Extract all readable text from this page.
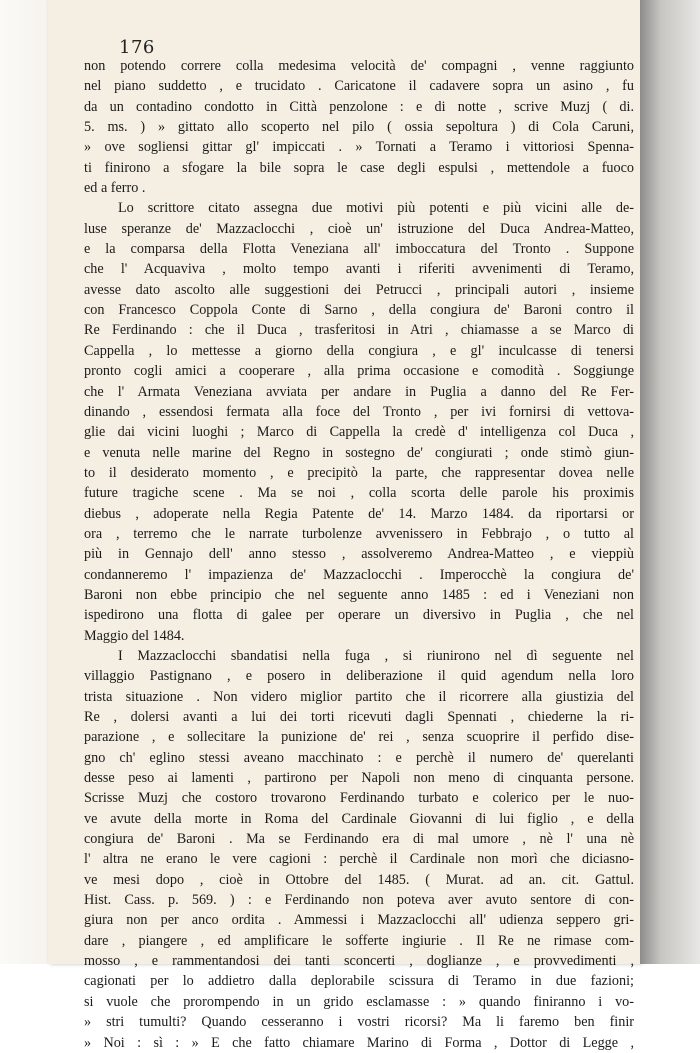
176
non potendo correre colla medesima velocità de' compagni , venne raggiunto
nel piano suddetto , e trucidato . Caricatone il cadavere sopra un asino , fu
da un contadino condotto in Città penzolone : e di notte , scrive Muzj ( di.
5. ms. ) » gittato allo scoperto nel pilo ( ossia sepoltura ) di Cola Caruni,
» ove sogliensi gittar gl' impiccati . » Tornati a Teramo i vittoriosi Spenna-
ti finirono a sfogare la bile sopra le case degli espulsi , mettendole a fuoco
ed a ferro .
Lo scrittore citato assegna due motivi più potenti e più vicini alle de-
luse speranze de' Mazzaclocchi , cioè un' istruzione del Duca Andrea-Matteo,
e la comparsa della Flotta Veneziana all' imboccatura del Tronto . Suppone
che l' Acquaviva , molto tempo avanti i riferiti avvenimenti di Teramo,
avesse dato ascolto alle suggestioni dei Petrucci , principali autori , insieme
con Francesco Coppola Conte di Sarno , della congiura de' Baroni contro il
Re Ferdinando : che il Duca , trasferitosi in Atri , chiamasse a se Marco di
Cappella , lo mettesse a giorno della congiura , e gl' inculcasse di tenersi
pronto cogli amici a cooperare , alla prima occasione e comodità . Soggiunge
che l' Armata Veneziana avviata per andare in Puglia a danno del Re Fer-
dinando , essendosi fermata alla foce del Tronto , per ivi fornirsi di vettova-
glie dai vicini luoghi ; Marco di Cappella la credè d' intelligenza col Duca ,
e venuta nelle marine del Regno in sostegno de' congiurati ; onde stimò giun-
to il desiderato momento , e precipitò la parte, che rappresentar dovea nelle
future tragiche scene . Ma se noi , colla scorta delle parole his proximis
diebus , adoperate nella Regia Patente de' 14. Marzo 1484. da riportarsi or
ora , terremo che le narrate turbolenze avvenissero in Febbrajo , o tutto al
più in Gennajo dell' anno stesso , assolveremo Andrea-Matteo , e vieppiù
condanneremo l' impazienza de' Mazzaclocchi . Imperocchè la congiura de'
Baroni non ebbe principio che nel seguente anno 1485 : ed i Veneziani non
ispedirono una flotta di galee per operare un diversivo in Puglia , che nel
Maggio del 1484.
I Mazzaclocchi sbandatisi nella fuga , si riunirono nel dì seguente nel
villaggio Pastignano , e posero in deliberazione il quid agendum nella loro
trista situazione . Non videro miglior partito che il ricorrere alla giustizia del
Re , dolersi avanti a lui dei torti ricevuti dagli Spennati , chiederne la ri-
parazione , e sollecitare la punizione de' rei , senza scuoprire il perfido dise-
gno ch' eglino stessi aveano macchinato : e perchè il numero de' querelanti
desse peso ai lamenti , partirono per Napoli non meno di cinquanta persone.
Scrisse Muzj che costoro trovarono Ferdinando turbato e colerico per le nuo-
ve avute della morte in Roma del Cardinale Giovanni di lui figlio , e della
congiura de' Baroni . Ma se Ferdinando era di mal umore , nè l' una nè
l' altra ne erano le vere cagioni : perchè il Cardinale non morì che diciasno-
ve mesi dopo , cioè in Ottobre del 1485. ( Murat. ad an. cit. Gattul.
Hist. Cass. p. 569. ) : e Ferdinando non poteva aver avuto sentore di con-
giura non per anco ordita . Ammessi i Mazzaclocchi all' udienza seppero gri-
dare , piangere , ed amplificare le sofferte ingiurie . Il Re ne rimase com-
mosso , e rammentandosi dei tanti sconcerti , doglianze , e provvedimenti ,
cagionati per lo addietro dalla deplorabile scissura di Teramo in due fazioni;
si vuole che prorompendo in un grido esclamasse : » quando finiranno i vo-
» stri tumulti? Quando cesseranno i vostri ricorsi? Ma li faremo ben finir
» Noi : sì : » E che fatto chiamare Marino di Forma , Dottor di Legge ,
